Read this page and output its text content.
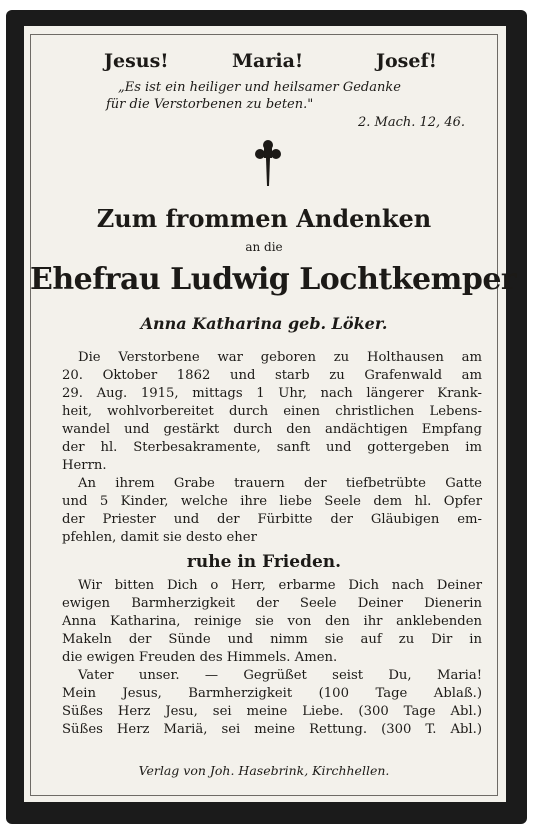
Jesus!	Maria!	Josef!
„Es ist ein heiliger und heilsamer Gedanke
für die Verstorbenen zu beten."
2. Mach. 12, 46.
Zum frommen Andenken
an die
Ehefrau Ludwig Lochtkemper
Anna Katharina geb. Löker.
Die Verstorbene war geboren zu Holthausen am
20. Oktober 1862 und starb zu Grafenwald am
29. Aug. 1915, mittags 1 Uhr, nach längerer Krank-
heit, wohlvorbereitet durch einen christlichen Lebens-
wandel und gestärkt durch den andächtigen Empfang
der hl. Sterbesakramente, sanft und gottergeben im
Herrn.
An ihrem Grabe trauern der tiefbetrübte Gatte
und 5 Kinder, welche ihre liebe Seele dem hl. Opfer
der Priester und der Fürbitte der Gläubigen em-
pfehlen, damit sie desto eher
ruhe in Frieden.
Wir bitten Dich o Herr, erbarme Dich nach Deiner
ewigen Barmherzigkeit der Seele Deiner Dienerin
Anna Katharina, reinige sie von den ihr anklebenden
Makeln der Sünde und nimm sie auf zu Dir in
die ewigen Freuden des Himmels. Amen.
Vater unser. — Gegrüßet seist Du, Maria!
Mein Jesus, Barmherzigkeit (100 Tage Ablaß.)
Süßes Herz Jesu, sei meine Liebe. (300 Tage Abl.)
Süßes Herz Mariä, sei meine Rettung. (300 T. Abl.)
Verlag von Joh. Hasebrink, Kirchhellen.
